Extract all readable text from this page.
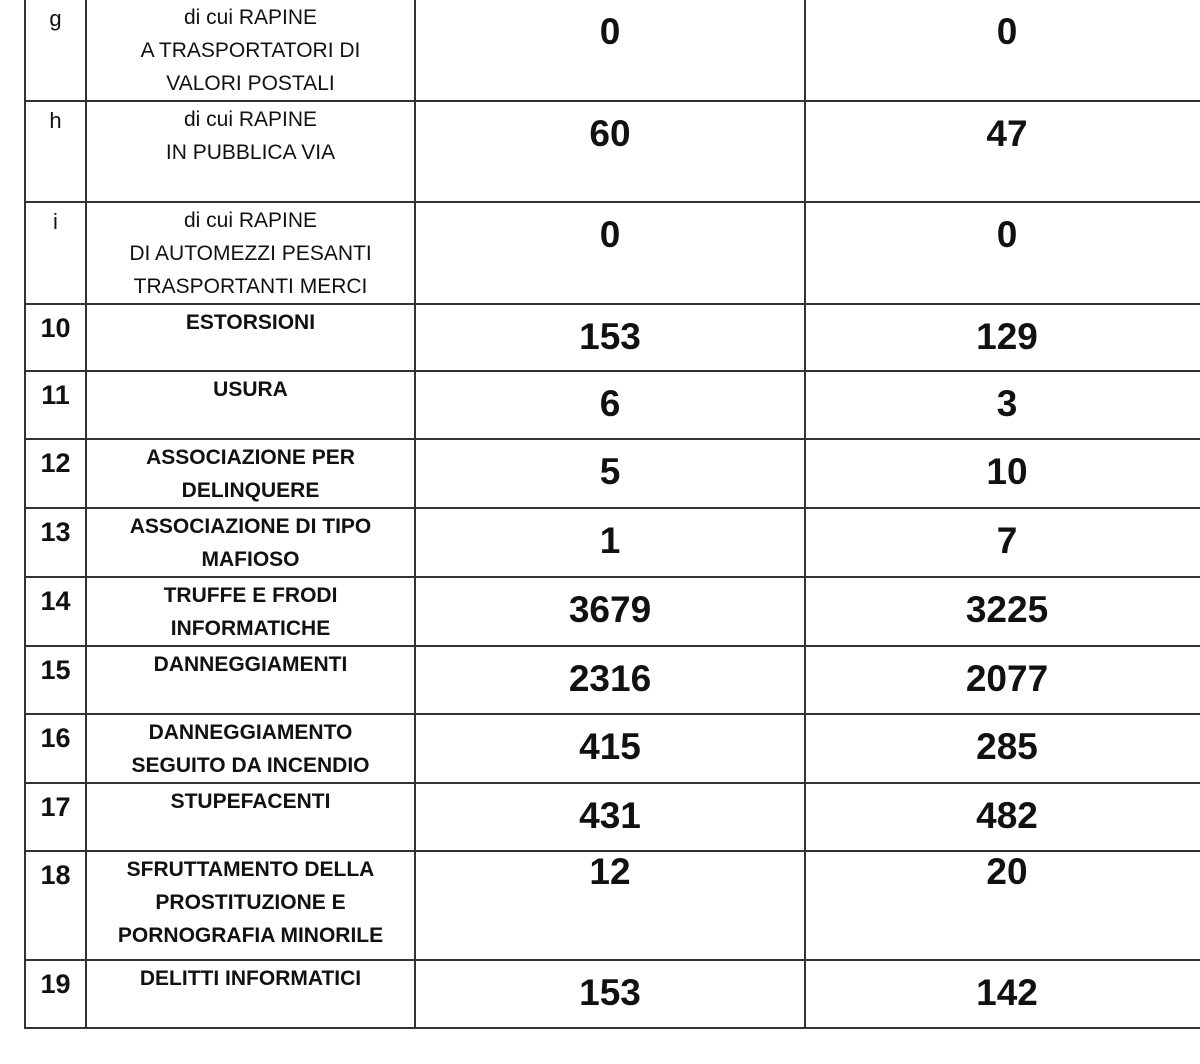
g	di cui RAPINE
A TRASPORTATORI DI
VALORI POSTALI	0	0
h	di cui RAPINE
IN PUBBLICA VIA	60	47
i	di cui RAPINE
DI AUTOMEZZI PESANTI
TRASPORTANTI MERCI	0	0
10	ESTORSIONI	153	129
11	USURA	6	3
12	ASSOCIAZIONE PER
DELINQUERE	5	10
13	ASSOCIAZIONE DI TIPO
MAFIOSO	1	7
14	TRUFFE E FRODI
INFORMATICHE	3679	3225
15	DANNEGGIAMENTI	2316	2077
16	DANNEGGIAMENTO
SEGUITO DA INCENDIO	415	285
17	STUPEFACENTI	431	482
18	SFRUTTAMENTO DELLA
PROSTITUZIONE E
PORNOGRAFIA MINORILE	12	20
19	DELITTI INFORMATICI	153	142
